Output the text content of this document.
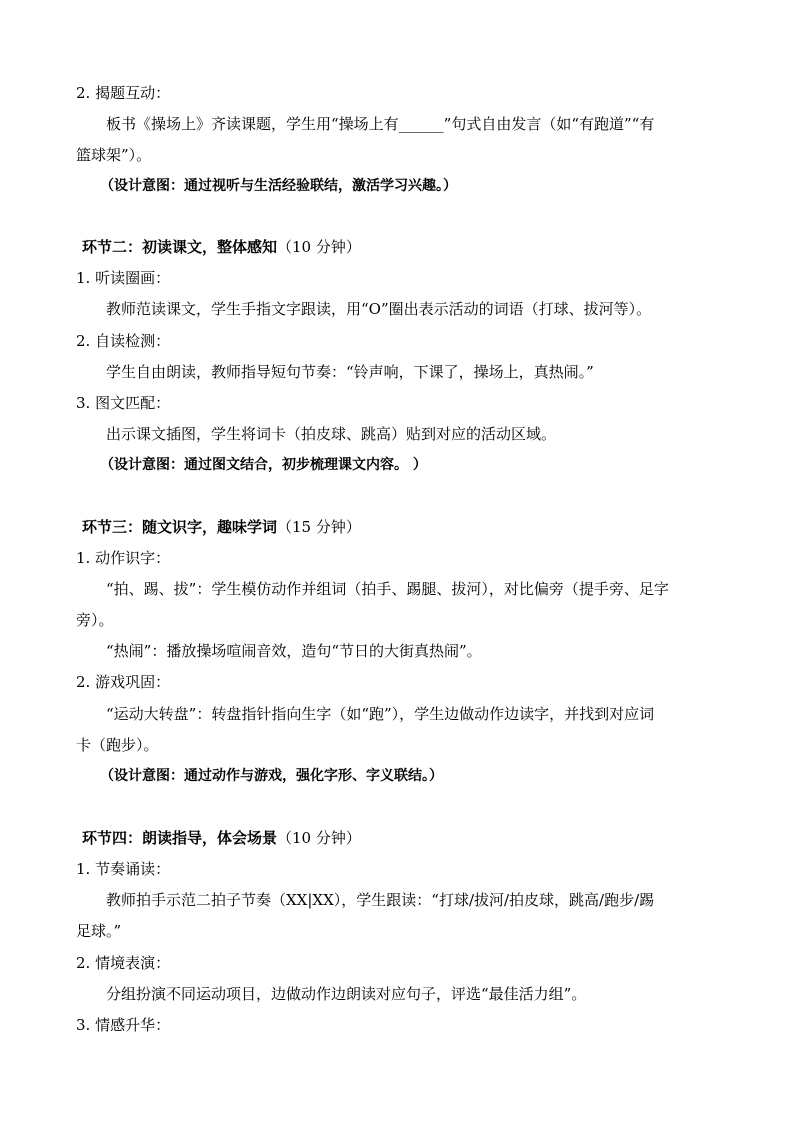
2. 揭题互动：
板书《操场上》齐读课题，学生用“操场上有______”句式自由发言（如“有跑道”“有
篮球架”）。
（设计意图：通过视听与生活经验联结，激活学习兴趣。）
环节二：初读课文，整体感知（10 分钟）
1. 听读圈画：
教师范读课文，学生手指文字跟读，用“O”圈出表示活动的词语（打球、拔河等）。
2. 自读检测：
学生自由朗读，教师指导短句节奏：“铃声响，下课了，操场上，真热闹。”
3. 图文匹配：
出示课文插图，学生将词卡（拍皮球、跳高）贴到对应的活动区域。
（设计意图：通过图文结合，初步梳理课文内容。 ）
环节三：随文识字，趣味学词（15 分钟）
1. 动作识字：
“拍、踢、拔”：学生模仿动作并组词（拍手、踢腿、拔河），对比偏旁（提手旁、足字
旁）。
“热闹”：播放操场喧闹音效，造句“节日的大街真热闹”。
2. 游戏巩固：
“运动大转盘”：转盘指针指向生字（如“跑”），学生边做动作边读字，并找到对应词
卡（跑步）。
（设计意图：通过动作与游戏，强化字形、字义联结。）
环节四：朗读指导，体会场景（10 分钟）
1. 节奏诵读：
教师拍手示范二拍子节奏（XX|XX），学生跟读：“打球/拔河/拍皮球，跳高/跑步/踢
足球。”
2. 情境表演：
分组扮演不同运动项目，边做动作边朗读对应句子，评选“最佳活力组”。
3. 情感升华：
